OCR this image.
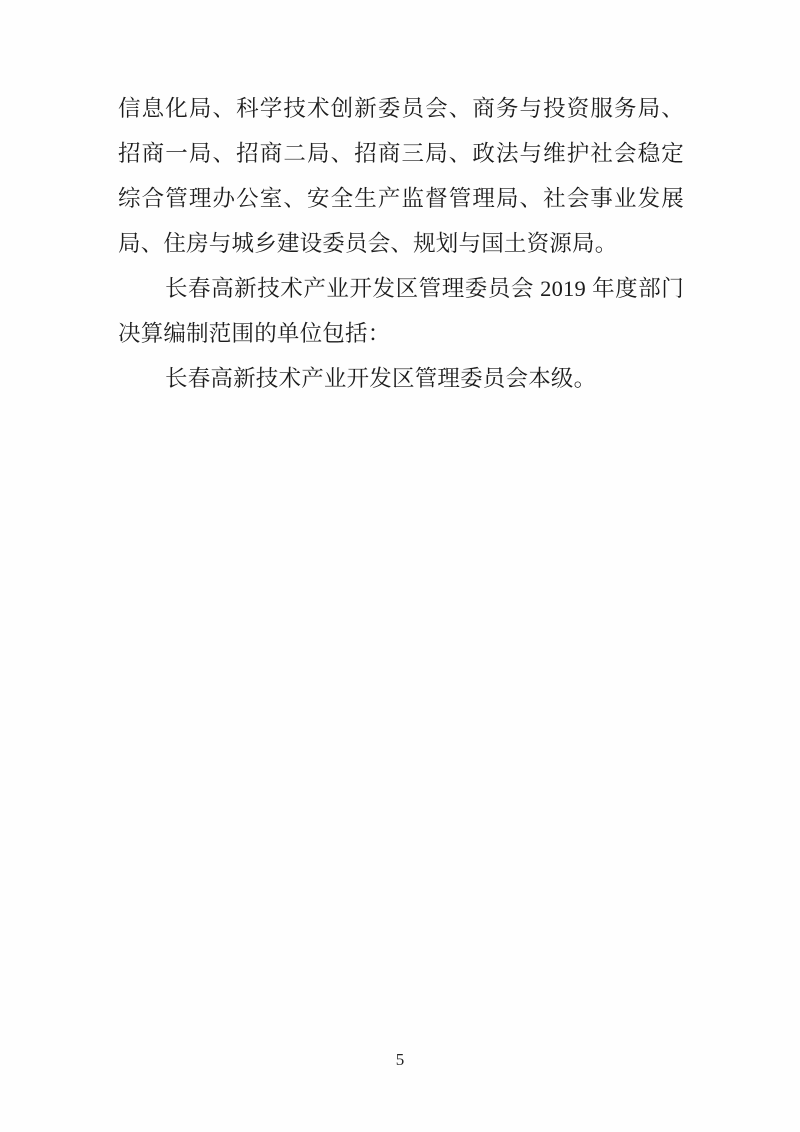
信息化局、科学技术创新委员会、商务与投资服务局、招商一局、招商二局、招商三局、政法与维护社会稳定综合管理办公室、安全生产监督管理局、社会事业发展局、住房与城乡建设委员会、规划与国土资源局。

长春高新技术产业开发区管理委员会 2019 年度部门决算编制范围的单位包括：

长春高新技术产业开发区管理委员会本级。

5
